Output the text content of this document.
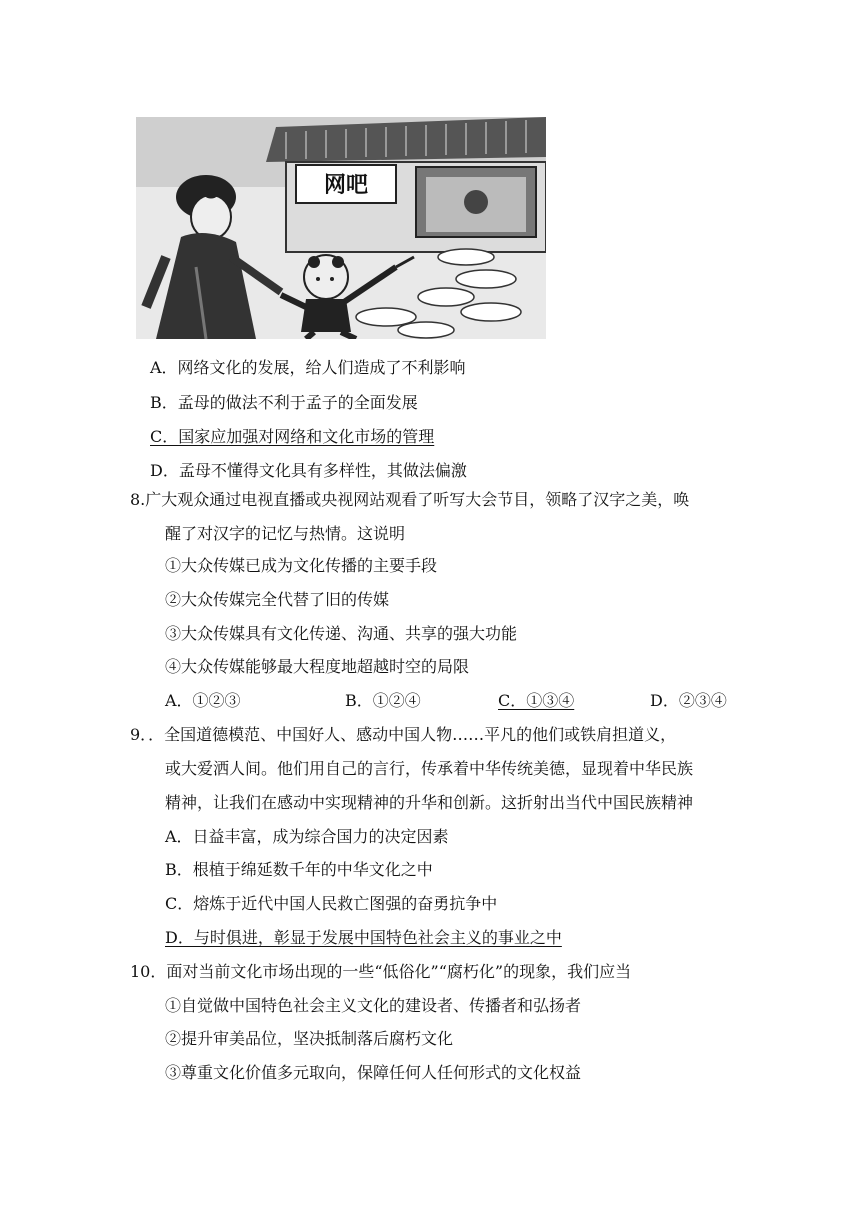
网吧
A．网络文化的发展，给人们造成了不利影响
B．孟母的做法不利于孟子的全面发展
C．国家应加强对网络和文化市场的管理
D．孟母不懂得文化具有多样性，其做法偏激
8.广大观众通过电视直播或央视网站观看了听写大会节目，领略了汉字之美，唤
醒了对汉字的记忆与热情。这说明
①大众传媒已成为文化传播的主要手段
②大众传媒完全代替了旧的传媒
③大众传媒具有文化传递、沟通、共享的强大功能
④大众传媒能够最大程度地超越时空的局限
A．①②③	B．①②④	C．①③④	D．②③④
9．．全国道德模范、中国好人、感动中国人物……平凡的他们或铁肩担道义，
或大爱洒人间。他们用自己的言行，传承着中华传统美德，显现着中华民族
精神，让我们在感动中实现精神的升华和创新。这折射出当代中国民族精神
A．日益丰富，成为综合国力的决定因素
B．根植于绵延数千年的中华文化之中
C．熔炼于近代中国人民救亡图强的奋勇抗争中
D．与时俱进，彰显于发展中国特色社会主义的事业之中
10．面对当前文化市场出现的一些“低俗化”“腐朽化”的现象，我们应当
①自觉做中国特色社会主义文化的建设者、传播者和弘扬者
②提升审美品位，坚决抵制落后腐朽文化
③尊重文化价值多元取向，保障任何人任何形式的文化权益
